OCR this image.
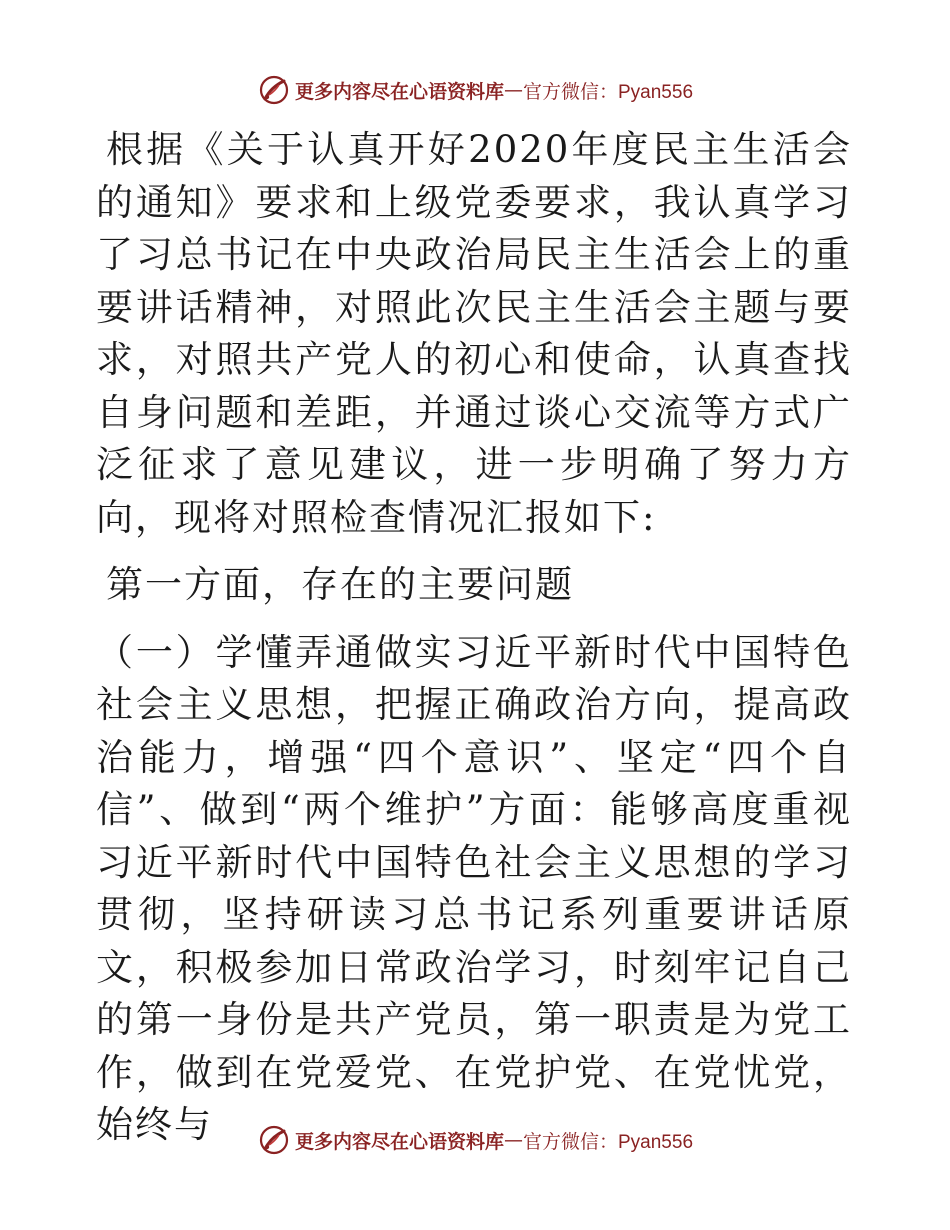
更多内容尽在心语资料库 — 官方微信：Pyan556

根据《关于认真开好2020年度民主生活会的通知》要求和上级党委要求，我认真学习了习总书记在中央政治局民主生活会上的重要讲话精神，对照此次民主生活会主题与要求，对照共产党人的初心和使命，认真查找自身问题和差距，并通过谈心交流等方式广泛征求了意见建议，进一步明确了努力方向，现将对照检查情况汇报如下:

第一方面，存在的主要问题

（一）学懂弄通做实习近平新时代中国特色社会主义思想，把握正确政治方向，提高政治能力，增强“四个意识”、坚定“四个自信”、做到“两个维护”方面：能够高度重视习近平新时代中国特色社会主义思想的学习贯彻，坚持研读习总书记系列重要讲话原文，积极参加日常政治学习，时刻牢记自己的第一身份是共产党员，第一职责是为党工作，做到在党爱党、在党护党、在党忧党，始终与	更多内容尽在心语资料库 — 官方微信：Pyan556
